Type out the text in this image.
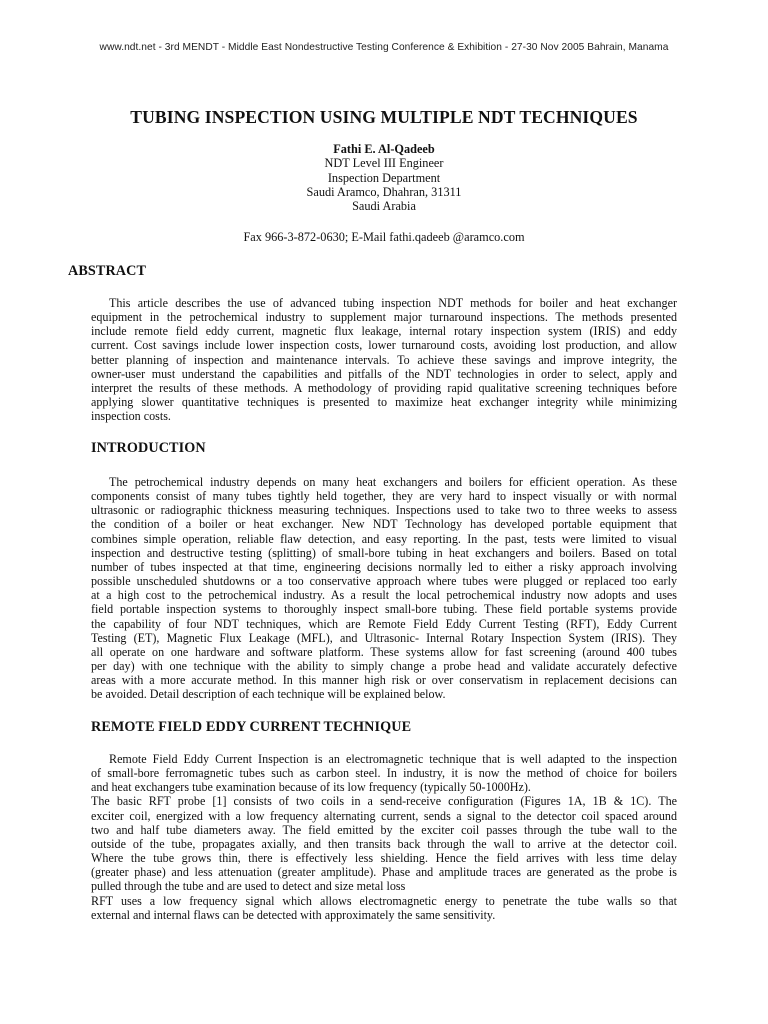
www.ndt.net - 3rd MENDT - Middle East Nondestructive Testing Conference & Exhibition - 27-30 Nov 2005 Bahrain, Manama
TUBING INSPECTION USING MULTIPLE NDT TECHNIQUES
Fathi E. Al-Qadeeb
NDT Level III Engineer
Inspection Department
Saudi Aramco, Dhahran, 31311
Saudi Arabia
Fax 966-3-872-0630; E-Mail fathi.qadeeb @aramco.com
ABSTRACT
This article describes the use of advanced tubing inspection NDT methods for boiler and heat exchanger
equipment in the petrochemical industry to supplement major turnaround inspections. The methods presented
include remote field eddy current, magnetic flux leakage, internal rotary inspection system (IRIS) and eddy
current. Cost savings include lower inspection costs, lower turnaround costs, avoiding lost production, and allow
better planning of inspection and maintenance intervals. To achieve these savings and improve integrity, the
owner-user must understand the capabilities and pitfalls of the NDT technologies in order to select, apply and
interpret the results of these methods. A methodology of providing rapid qualitative screening techniques before
applying slower quantitative techniques is presented to maximize heat exchanger integrity while minimizing
inspection costs.
INTRODUCTION
The petrochemical industry depends on many heat exchangers and boilers for efficient operation. As these
components consist of many tubes tightly held together, they are very hard to inspect visually or with normal
ultrasonic or radiographic thickness measuring techniques. Inspections used to take two to three weeks to assess
the condition of a boiler or heat exchanger. New NDT Technology has developed portable equipment that
combines simple operation, reliable flaw detection, and easy reporting. In the past, tests were limited to visual
inspection and destructive testing (splitting) of small-bore tubing in heat exchangers and boilers. Based on total
number of tubes inspected at that time, engineering decisions normally led to either a risky approach involving
possible unscheduled shutdowns or a too conservative approach where tubes were plugged or replaced too early
at a high cost to the petrochemical industry. As a result the local petrochemical industry now adopts and uses
field portable inspection systems to thoroughly inspect small-bore tubing. These field portable systems provide
the capability of four NDT techniques, which are Remote Field Eddy Current Testing (RFT), Eddy Current
Testing (ET), Magnetic Flux Leakage (MFL), and Ultrasonic- Internal Rotary Inspection System (IRIS). They
all operate on one hardware and software platform. These systems allow for fast screening (around 400 tubes
per day) with one technique with the ability to simply change a probe head and validate accurately defective
areas with a more accurate method. In this manner high risk or over conservatism in replacement decisions can
be avoided. Detail description of each technique will be explained below.
REMOTE FIELD EDDY CURRENT TECHNIQUE
Remote Field Eddy Current Inspection is an electromagnetic technique that is well adapted to the inspection
of small-bore ferromagnetic tubes such as carbon steel. In industry, it is now the method of choice for boilers
and heat exchangers tube examination because of its low frequency (typically 50-1000Hz).
The basic RFT probe [1] consists of two coils in a send-receive configuration (Figures 1A, 1B & 1C). The
exciter coil, energized with a low frequency alternating current, sends a signal to the detector coil spaced around
two and half tube diameters away. The field emitted by the exciter coil passes through the tube wall to the
outside of the tube, propagates axially, and then transits back through the wall to arrive at the detector coil.
Where the tube grows thin, there is effectively less shielding. Hence the field arrives with less time delay
(greater phase) and less attenuation (greater amplitude). Phase and amplitude traces are generated as the probe is
pulled through the tube and are used to detect and size metal loss
RFT uses a low frequency signal which allows electromagnetic energy to penetrate the tube walls so that
external and internal flaws can be detected with approximately the same sensitivity.
